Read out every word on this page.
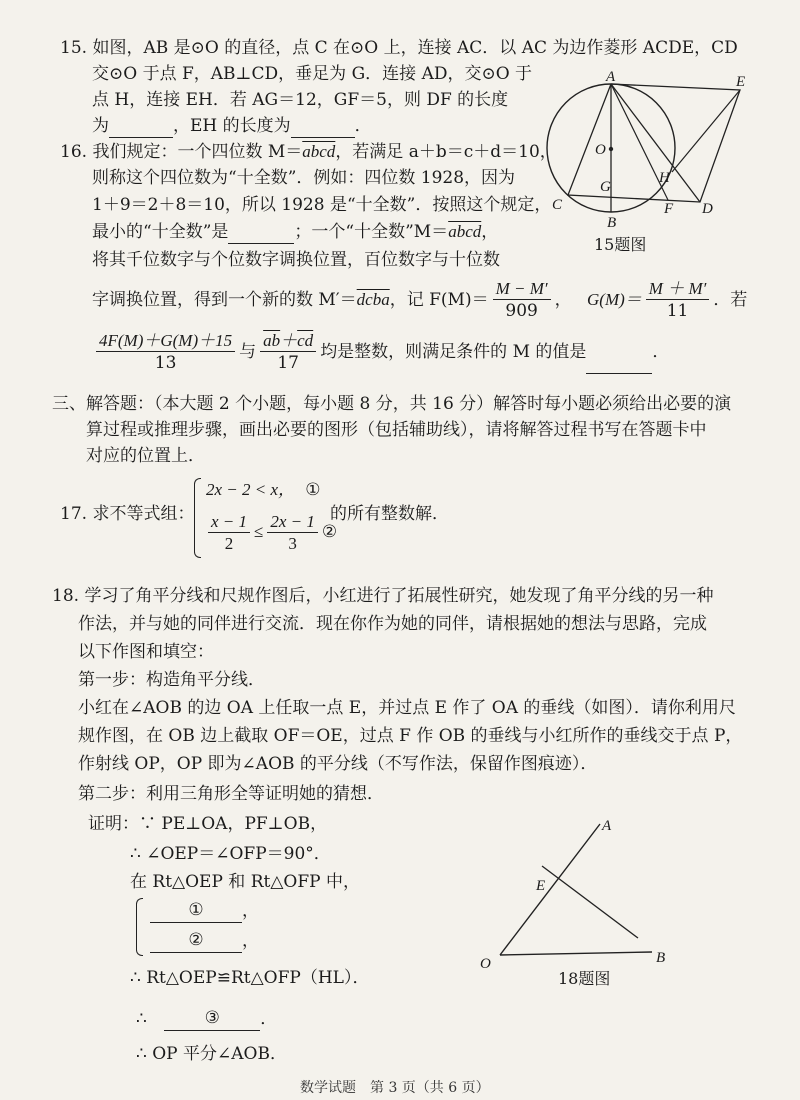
15. 如图，AB 是⊙O 的直径，点 C 在⊙O 上，连接 AC．以 AC 为边作菱形 ACDE，CD
交⊙O 于点 F，AB⊥CD，垂足为 G．连接 AD，交⊙O 于
点 H，连接 EH．若 AG＝12，GF＝5，则 DF 的长度
为	，EH 的长度为	．
A	E
O
G
H
C	F D
B
15题图
16. 我们规定：一个四位数 M＝abcd，若满足 a＋b＝c＋d＝10，
则称这个四位数为“十全数”．例如：四位数 1928，因为
1＋9＝2＋8＝10，所以 1928 是“十全数”．按照这个规定，
最小的“十全数”是	；一个“十全数”M＝abcd，
将其千位数字与个位数字调换位置，百位数字与十位数
字调换位置，得到一个新的数 M′＝dcba，记 $F(M)= \frac{M - M'}{909}$ ， $G(M)= \frac{M + M'}{11}$ ．若
$\frac{4F(M)+G(M)+15}{13}$ 与 $\frac{\overline{ab}+\overline{cd}}{17}$ 均是整数，则满足条件的 M 的值是	．
三、解答题：（本大题 2 个小题，每小题 8 分，共 16 分）解答时每小题必须给出必要的演
算过程或推理步骤，画出必要的图形（包括辅助线），请将解答过程书写在答题卡中
对应的位置上．
17. 求不等式组：
2x − 2 < x， ①
$\frac{x - 1}{2} \le \frac{2x - 1}{3}$ ②
的所有整数解．
18. 学习了角平分线和尺规作图后，小红进行了拓展性研究，她发现了角平分线的另一种
作法，并与她的同伴进行交流．现在你作为她的同伴，请根据她的想法与思路，完成
以下作图和填空：
第一步：构造角平分线．
小红在∠AOB 的边 OA 上任取一点 E，并过点 E 作了 OA 的垂线（如图）．请你利用尺
规作图，在 OB 边上截取 OF＝OE，过点 F 作 OB 的垂线与小红所作的垂线交于点 P，
作射线 OP，OP 即为∠AOB 的平分线（不写作法，保留作图痕迹）．
第二步：利用三角形全等证明她的猜想．
证明：∵ PE⊥OA，PF⊥OB，
∴ ∠OEP＝∠OFP＝90°．
在 Rt△OEP 和 Rt△OFP 中，
① ，
② ，
∴ Rt△OEP≌Rt△OFP（HL）．
∴	③ ．
∴ OP 平分∠AOB．
A
E
O	B
18题图
数学试题　第 3 页（共 6 页）
